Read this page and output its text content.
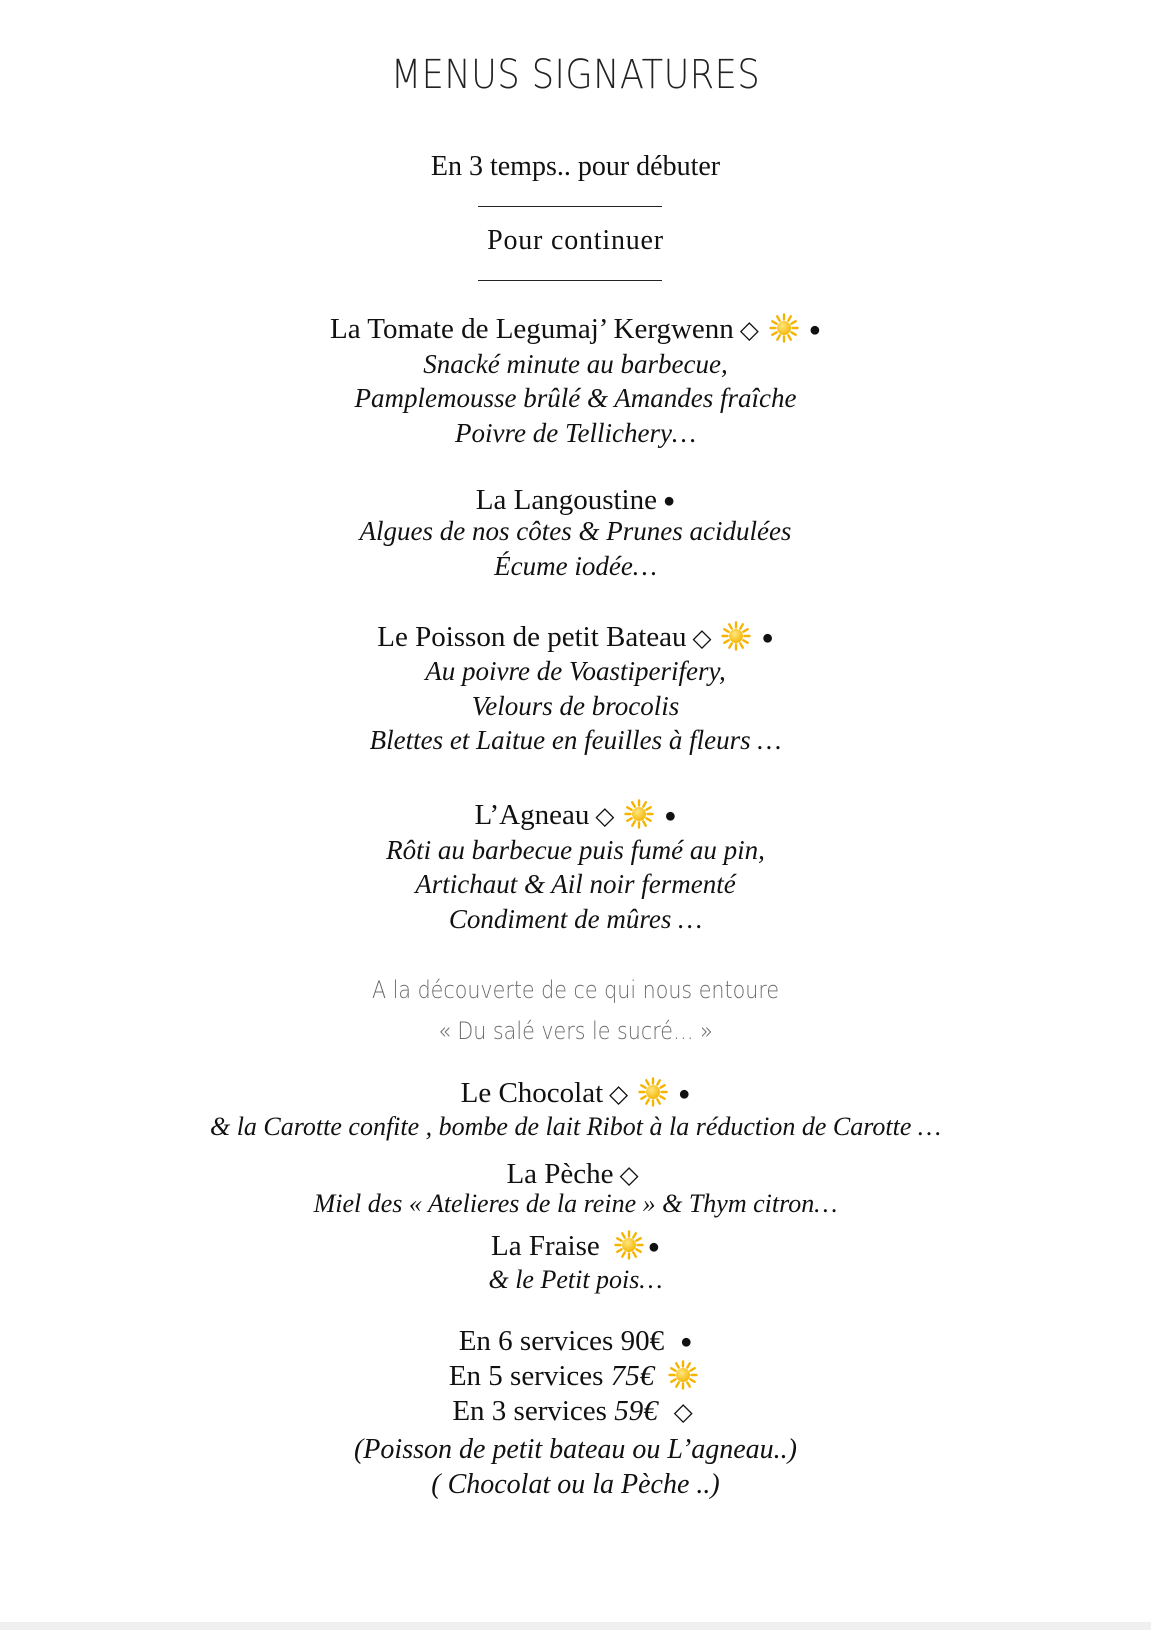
MENUS SIGNATURES
En 3 temps.. pour débuter
Pour continuer
La Tomate de Legumaj’ Kergwenn ◇ ●
Snacké minute au barbecue,
Pamplemousse brûlé & Amandes fraîche
Poivre de Tellichery…
La Langoustine ●
Algues de nos côtes & Prunes acidulées
Écume iodée…
Le Poisson de petit Bateau ◇ ●
Au poivre de Voastiperifery,
Velours de brocolis
Blettes et Laitue en feuilles à fleurs …
L’Agneau ◇ ●
Rôti au barbecue puis fumé au pin,
Artichaut & Ail noir fermenté
Condiment de mûres …
A la découverte de ce qui nous entoure
« Du salé vers le sucré… »
Le Chocolat ◇ ●
& la Carotte confite , bombe de lait Ribot à la réduction de Carotte …
La Pèche ◇
Miel des « Atelieres de la reine » & Thym citron…
La Fraise ●
& le Petit pois…
En 6 services 90€ ●
En 5 services 75€
En 3 services 59€ ◇
(Poisson de petit bateau ou L’agneau..)
( Chocolat ou la Pèche ..)
